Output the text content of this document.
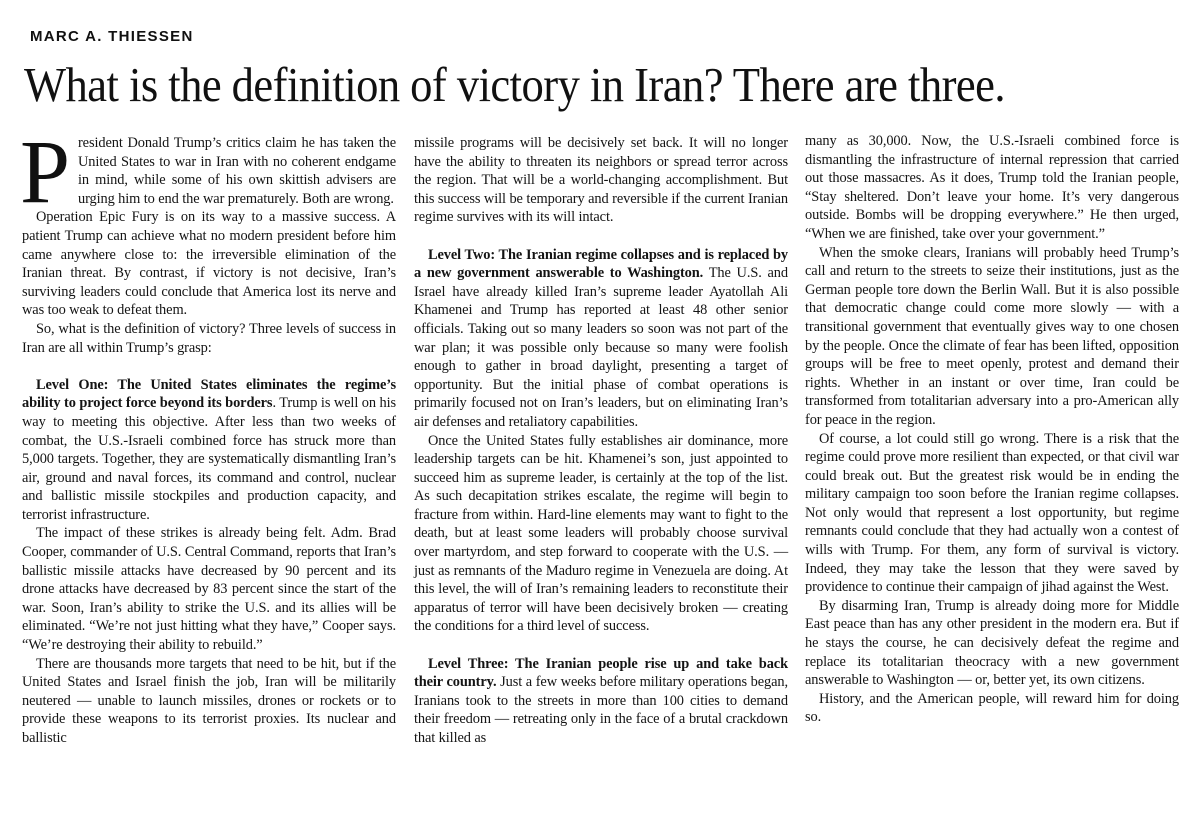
MARC A. THIESSEN
What is the definition of victory in Iran? There are three.

President Donald Trump’s critics claim he has taken the United States to war in Iran with no coherent endgame in mind, while some of his own skittish advisers are urging him to end the war prematurely. Both are wrong.

Operation Epic Fury is on its way to a massive success. A patient Trump can achieve what no modern president before him came anywhere close to: the irreversible elimination of the Iranian threat. By contrast, if victory is not decisive, Iran’s surviving leaders could conclude that America lost its nerve and was too weak to defeat them.

So, what is the definition of victory? Three levels of success in Iran are all within Trump’s grasp:

Level One: The United States eliminates the regime’s ability to project force beyond its borders. Trump is well on his way to meeting this objective. After less than two weeks of combat, the U.S.-Israeli combined force has struck more than 5,000 targets. Together, they are systematically dismantling Iran’s air, ground and naval forces, its command and control, nuclear and ballistic missile stockpiles and production capacity, and terrorist infrastructure.

The impact of these strikes is already being felt. Adm. Brad Cooper, commander of U.S. Central Command, reports that Iran’s ballistic missile attacks have decreased by 90 percent and its drone attacks have decreased by 83 percent since the start of the war. Soon, Iran’s ability to strike the U.S. and its allies will be eliminated. “We’re not just hitting what they have,” Cooper says. “We’re destroying their ability to rebuild.”

There are thousands more targets that need to be hit, but if the United States and Israel finish the job, Iran will be militarily neutered — unable to launch missiles, drones or rockets or to provide these weapons to its terrorist proxies. Its nuclear and ballistic

missile programs will be decisively set back. It will no longer have the ability to threaten its neighbors or spread terror across the region. That will be a world-changing accomplishment. But this success will be temporary and reversible if the current Iranian regime survives with its will intact.

Level Two: The Iranian regime collapses and is replaced by a new government answerable to Washington. The U.S. and Israel have already killed Iran’s supreme leader Ayatollah Ali Khamenei and Trump has reported at least 48 other senior officials. Taking out so many leaders so soon was not part of the war plan; it was possible only because so many were foolish enough to gather in broad daylight, presenting a target of opportunity. But the initial phase of combat operations is primarily focused not on Iran’s leaders, but on eliminating Iran’s air defenses and retaliatory capabilities.

Once the United States fully establishes air dominance, more leadership targets can be hit. Khamenei’s son, just appointed to succeed him as supreme leader, is certainly at the top of the list. As such decapitation strikes escalate, the regime will begin to fracture from within. Hard-line elements may want to fight to the death, but at least some leaders will probably choose survival over martyrdom, and step forward to cooperate with the U.S. — just as remnants of the Maduro regime in Venezuela are doing. At this level, the will of Iran’s remaining leaders to reconstitute their apparatus of terror will have been decisively broken — creating the conditions for a third level of success.

Level Three: The Iranian people rise up and take back their country. Just a few weeks before military operations began, Iranians took to the streets in more than 100 cities to demand their freedom — retreating only in the face of a brutal crackdown that killed as

many as 30,000. Now, the U.S.-Israeli combined force is dismantling the infrastructure of internal repression that carried out those massacres. As it does, Trump told the Iranian people, “Stay sheltered. Don’t leave your home. It’s very dangerous outside. Bombs will be dropping everywhere.” He then urged, “When we are finished, take over your government.”

When the smoke clears, Iranians will probably heed Trump’s call and return to the streets to seize their institutions, just as the German people tore down the Berlin Wall. But it is also possible that democratic change could come more slowly — with a transitional government that eventually gives way to one chosen by the people. Once the climate of fear has been lifted, opposition groups will be free to meet openly, protest and demand their rights. Whether in an instant or over time, Iran could be transformed from totalitarian adversary into a pro-American ally for peace in the region.

Of course, a lot could still go wrong. There is a risk that the regime could prove more resilient than expected, or that civil war could break out. But the greatest risk would be in ending the military campaign too soon before the Iranian regime collapses. Not only would that represent a lost opportunity, but regime remnants could conclude that they had actually won a contest of wills with Trump. For them, any form of survival is victory. Indeed, they may take the lesson that they were saved by providence to continue their campaign of jihad against the West.

By disarming Iran, Trump is already doing more for Middle East peace than has any other president in the modern era. But if he stays the course, he can decisively defeat the regime and replace its totalitarian theocracy with a new government answerable to Washington — or, better yet, its own citizens.

History, and the American people, will reward him for doing so.
